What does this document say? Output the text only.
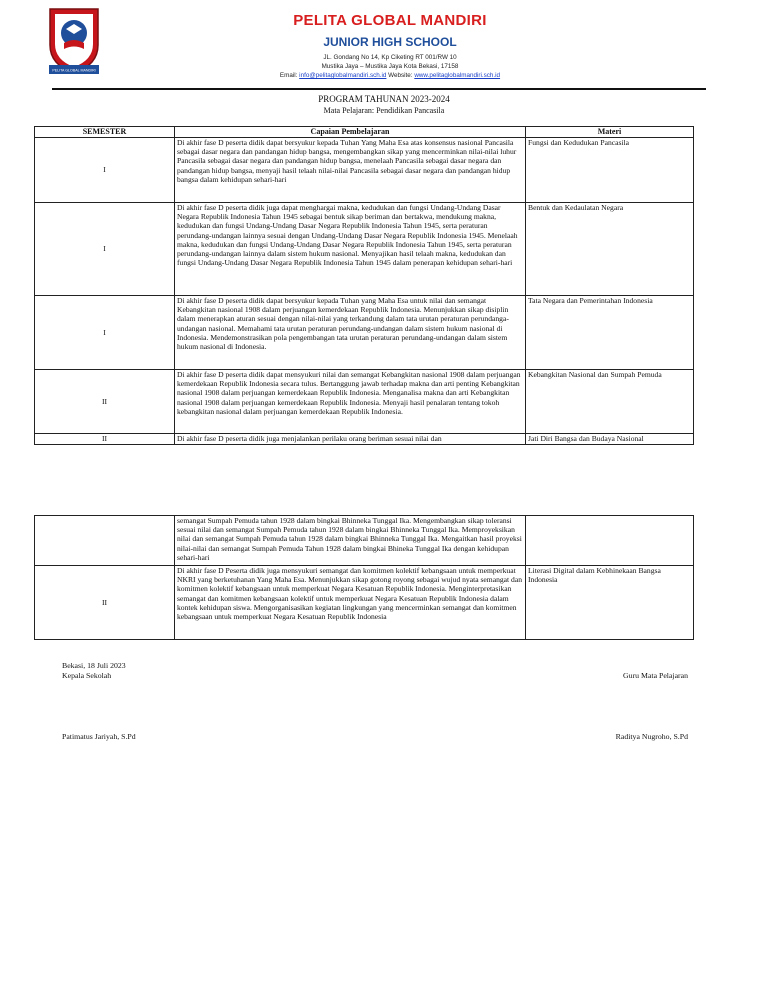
PELITA GLOBAL MANDIRI
PELITA GLOBAL MANDIRI
JUNIOR HIGH SCHOOL
JL. Gondang No 14, Kp Ciketing RT 001/RW 10
Mustika Jaya – Mustika Jaya Kota Bekasi, 17158
Email: info@pelitaglobalmandiri.sch.id Website: www.pelitaglobalmandiri.sch.id
PROGRAM TAHUNAN 2023-2024
Mata Pelajaran: Pendidikan Pancasila
SEMESTER	Capaian Pembelajaran	Materi
I	Di akhir fase D peserta didik dapat bersyukur kepada Tuhan Yang Maha Esa atas konsensus nasional Pancasila sebagai dasar negara dan pandangan hidup bangsa, mengembangkan sikap yang mencerminkan nilai-nilai luhur Pancasila sebagai dasar negara dan pandangan hidup bangsa, menelaah Pancasila sebagai dasar negara dan pandangan hidup bangsa, menyaji hasil telaah nilai-nilai Pancasila sebagai dasar negara dan pandangan hidup bangsa dalam kehidupan sehari-hari	Fungsi dan Kedudukan Pancasila
I	Di akhir fase D peserta didik juga dapat menghargai makna, kedudukan dan fungsi Undang-Undang Dasar Negara Republik Indonesia Tahun 1945 sebagai bentuk sikap beriman dan bertakwa, mendukung makna, kedudukan dan fungsi Undang-Undang Dasar Negara Republik Indonesia Tahun 1945, serta peraturan perundang-undangan lainnya sesuai dengan Undang-Undang Dasar Negara Republik Indonesia 1945. Menelaah makna, kedudukan dan fungsi Undang-Undang Dasar Negara Republik Indonesia Tahun 1945, serta peraturan perundang-undangan lainnya dalam sistem hukum nasional. Menyajikan hasil telaah makna, kedudukan dan fungsi Undang-Undang Dasar Negara Republik Indonesia Tahun 1945 dalam penerapan kehidupan sehari-hari	Bentuk dan Kedaulatan Negara
I	Di akhir fase D peserta didik dapat bersyukur kepada Tuhan yang Maha Esa untuk nilai dan semangat Kebangkitan nasional 1908 dalam perjuangan kemerdekaan Republik Indonesia. Menunjukkan sikap disiplin dalam menerapkan aturan sesuai dengan nilai-nilai yang terkandung dalam tata urutan peraturan perundanga-undangan nasional. Memahami tata urutan peraturan perundang-undangan dalam sistem hukum nasional di Indonesia. Mendemonstrasikan pola pengembangan tata urutan peraturan perundang-undangan dalam sistem hukum nasional di Indonesia.	Tata Negara dan Pemerintahan Indonesia
II	Di akhir fase D peserta didik dapat mensyukuri nilai dan semangat Kebangkitan nasional 1908 dalam perjuangan kemerdekaan Republik Indonesia secara tulus. Bertanggung jawab terhadap makna dan arti penting Kebangkitan nasional 1908 dalam perjuangan kemerdekaan Republik Indonesia. Menganalisa makna dan arti Kebangkitan nasional 1908 dalam perjuangan kemerdekaan Republik Indonesia. Menyaji hasil penalaran tentang tokoh kebangkitan nasional dalam perjuangan kemerdekaan Republik Indonesia.	Kebangkitan Nasional dan Sumpah Pemuda
II	Di akhir fase D peserta didik juga menjalankan perilaku orang beriman sesuai nilai dan	Jati Diri Bangsa dan Budaya Nasional
	semangat Sumpah Pemuda tahun 1928 dalam bingkai Bhinneka Tunggal Ika. Mengembangkan sikap toleransi sesuai nilai dan semangat Sumpah Pemuda tahun 1928 dalam bingkai Bhinneka Tunggal Ika. Memproyeksikan nilai dan semangat Sumpah Pemuda tahun 1928 dalam bingkai Bhinneka Tunggal Ika. Mengaitkan hasil proyeksi nilai-nilai dan semangat Sumpah Pemuda Tahun 1928 dalam bingkai Bhineka Tunggal Ika dengan kehidupan sehari-hari	
II	Di akhir fase D Peserta didik juga mensyukuri semangat dan komitmen kolektif kebangsaan untuk memperkuat NKRI yang berketuhanan Yang Maha Esa. Menunjukkan sikap gotong royong sebagai wujud nyata semangat dan komitmen kolektif kebangsaan untuk memperkuat Negara Kesatuan Republik Indonesia. Menginterpretasikan semangat dan komitmen kebangsaan kolektif untuk memperkuat Negara Kesatuan Republik Indonesia dalam kontek kehidupan siswa. Mengorganisasikan kegiatan lingkungan yang mencerminkan semangat dan komitmen kebangsaan untuk memperkuat Negara Kesatuan Republik Indonesia	Literasi Digital dalam Kebhinekaan Bangsa Indonesia
Bekasi, 18 Juli 2023
Kepala Sekolah	Guru Mata Pelajaran
Patimatus Jariyah, S.Pd	Raditya Nugroho, S.Pd
